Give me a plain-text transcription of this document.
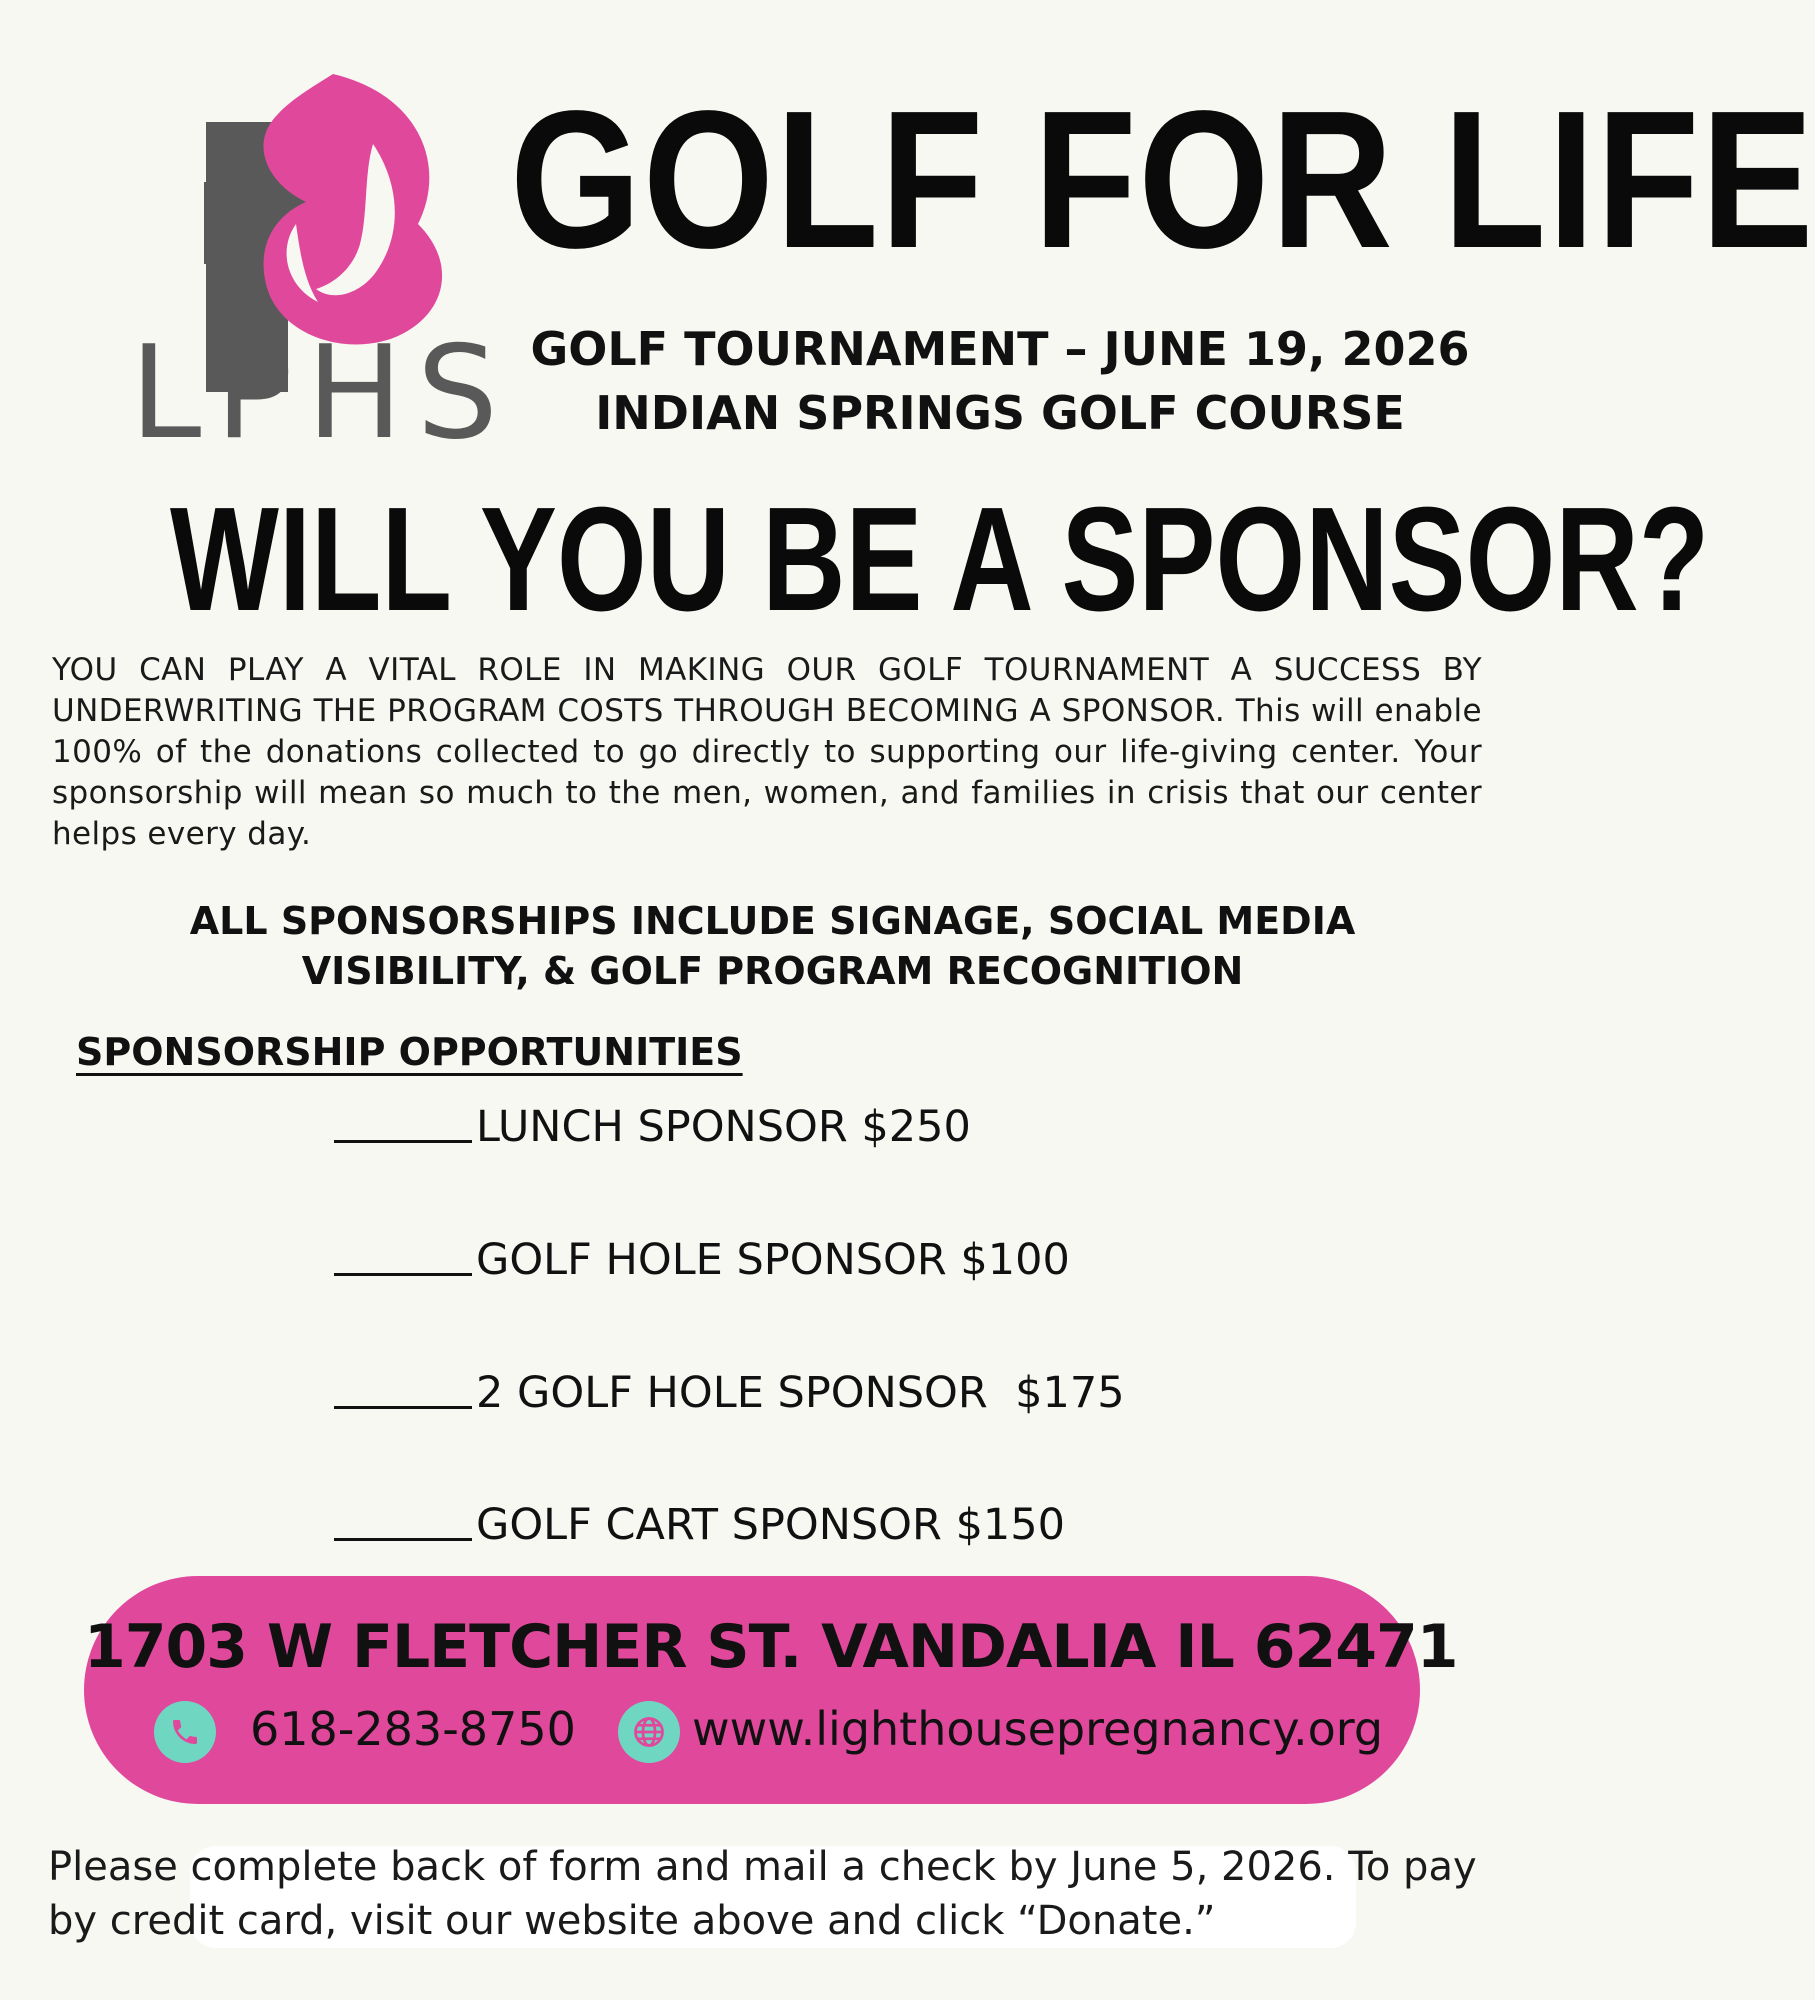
LPHS
GOLF FOR LIFE
GOLF TOURNAMENT – JUNE 19, 2026
INDIAN SPRINGS GOLF COURSE
WILL YOU BE A SPONSOR?
YOU CAN PLAY A VITAL ROLE IN MAKING OUR GOLF TOURNAMENT A SUCCESS BY UNDERWRITING THE PROGRAM COSTS THROUGH BECOMING A SPONSOR. This will enable 100% of the donations collected to go directly to supporting our life-giving center. Your sponsorship will mean so much to the men, women, and families in crisis that our center helps every day.
ALL SPONSORSHIPS INCLUDE SIGNAGE, SOCIAL MEDIA
VISIBILITY, & GOLF PROGRAM RECOGNITION
SPONSORSHIP OPPORTUNITIES
LUNCH SPONSOR $250
GOLF HOLE SPONSOR $100
2 GOLF HOLE SPONSOR  $175
GOLF CART SPONSOR $150
1703 W FLETCHER ST. VANDALIA IL 62471
618-283-8750	www.lighthousepregnancy.org
Please complete back of form and mail a check by June 5, 2026. To pay by credit card, visit our website above and click “Donate.”
